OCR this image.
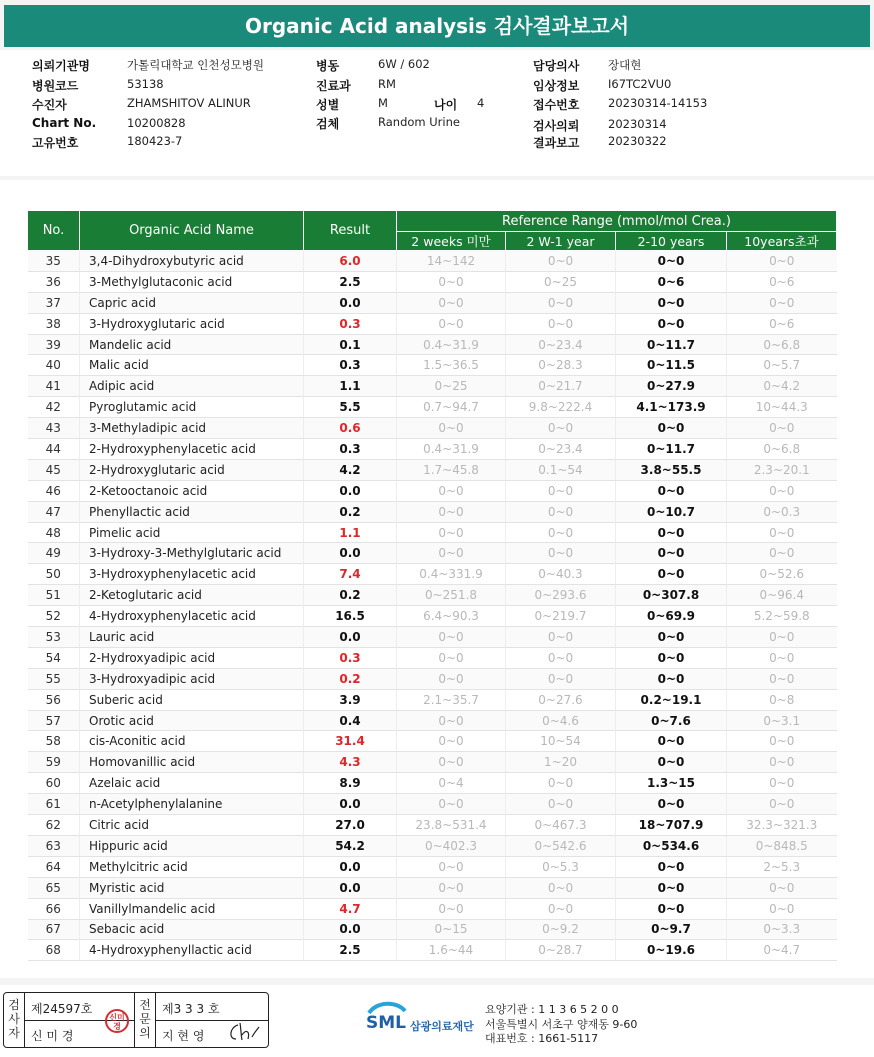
Organic Acid analysis 검사결과보고서
의뢰기관명	가톨릭대학교 인천성모병원
병원코드	53138
수진자	ZHAMSHITOV ALINUR
Chart No.	10200828
고유번호	180423-7
병동	6W / 602
진료과 RM
성별	M	나이 4
검체	Random Urine
담당의사 장대현
임상정보 I67TC2VU0
접수번호 20230314-14153
검사의뢰 20230314
결과보고 20230322
No.	Organic Acid Name	Result	Reference Range (mmol/mol Crea.)			
			2 weeks 미만	2 W-1 year	2-10 years	10years초과
35	3,4-Dihydroxybutyric acid	6.0	14~142	0~0	0~0	0~0
36	3-Methylglutaconic acid	2.5	0~0	0~25	0~6	0~6
37	Capric acid	0.0	0~0	0~0	0~0	0~0
38	3-Hydroxyglutaric acid	0.3	0~0	0~0	0~0	0~6
39	Mandelic acid	0.1	0.4~31.9	0~23.4	0~11.7	0~6.8
40	Malic acid	0.3	1.5~36.5	0~28.3	0~11.5	0~5.7
41	Adipic acid	1.1	0~25	0~21.7	0~27.9	0~4.2
42	Pyroglutamic acid	5.5	0.7~94.7	9.8~222.4	4.1~173.9	10~44.3
43	3-Methyladipic acid	0.6	0~0	0~0	0~0	0~0
44	2-Hydroxyphenylacetic acid	0.3	0.4~31.9	0~23.4	0~11.7	0~6.8
45	2-Hydroxyglutaric acid	4.2	1.7~45.8	0.1~54	3.8~55.5	2.3~20.1
46	2-Ketooctanoic acid	0.0	0~0	0~0	0~0	0~0
47	Phenyllactic acid	0.2	0~0	0~0	0~10.7	0~0.3
48	Pimelic acid	1.1	0~0	0~0	0~0	0~0
49	3-Hydroxy-3-Methylglutaric acid	0.0	0~0	0~0	0~0	0~0
50	3-Hydroxyphenylacetic acid	7.4	0.4~331.9	0~40.3	0~0	0~52.6
51	2-Ketoglutaric acid	0.2	0~251.8	0~293.6	0~307.8	0~96.4
52	4-Hydroxyphenylacetic acid	16.5	6.4~90.3	0~219.7	0~69.9	5.2~59.8
53	Lauric acid	0.0	0~0	0~0	0~0	0~0
54	2-Hydroxyadipic acid	0.3	0~0	0~0	0~0	0~0
55	3-Hydroxyadipic acid	0.2	0~0	0~0	0~0	0~0
56	Suberic acid	3.9	2.1~35.7	0~27.6	0.2~19.1	0~8
57	Orotic acid	0.4	0~0	0~4.6	0~7.6	0~3.1
58	cis-Aconitic acid	31.4	0~0	10~54	0~0	0~0
59	Homovanillic acid	4.3	0~0	1~20	0~0	0~0
60	Azelaic acid	8.9	0~4	0~0	1.3~15	0~0
61	n-Acetylphenylalanine	0.0	0~0	0~0	0~0	0~0
62	Citric acid	27.0	23.8~531.4	0~467.3	18~707.9	32.3~321.3
63	Hippuric acid	54.2	0~402.3	0~542.6	0~534.6	0~848.5
64	Methylcitric acid	0.0	0~0	0~5.3	0~0	2~5.3
65	Myristic acid	0.0	0~0	0~0	0~0	0~0
66	Vanillylmandelic acid	4.7	0~0	0~0	0~0	0~0
67	Sebacic acid	0.0	0~15	0~9.2	0~9.7	0~3.3
68	4-Hydroxyphenyllactic acid	2.5	1.6~44	0~28.7	0~19.6	0~4.7
검사자
제24597호
신 미 경
신미경
전문의
제3 3 3 호
지 현 영
SML 삼광의료재단
요양기관 : 1 1 3 6 5 2 0 0
서울특별시 서초구 양재동 9-60
대표번호 : 1661-5117
